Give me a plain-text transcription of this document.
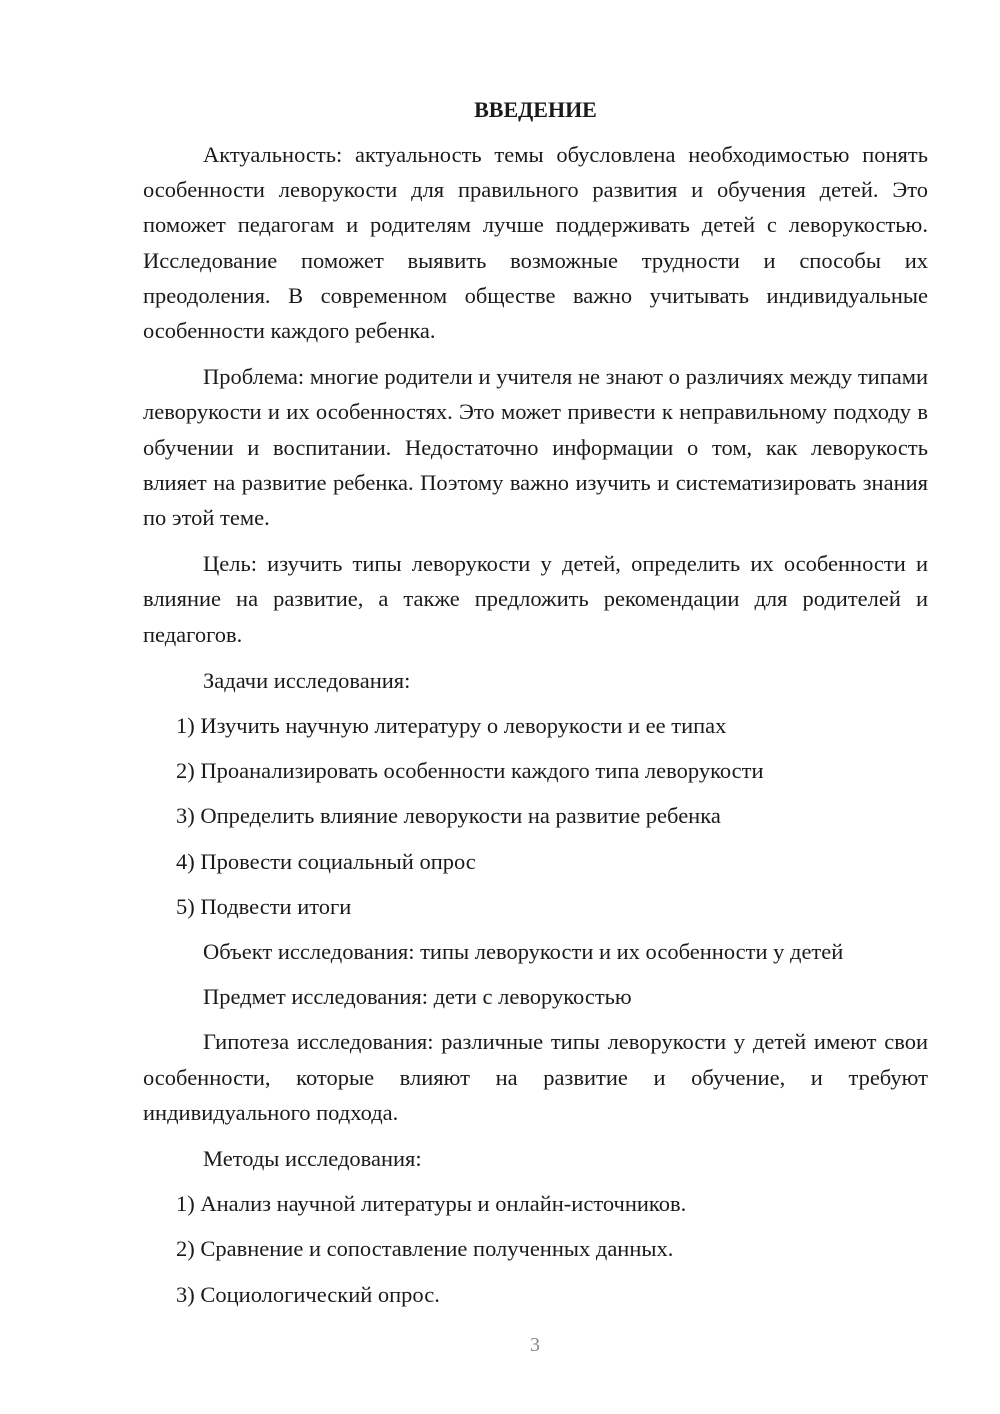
ВВЕДЕНИЕ

Актуальность: актуальность темы обусловлена необходимостью понять особенности леворукости для правильного развития и обучения детей. Это поможет педагогам и родителям лучше поддерживать детей с леворукостью. Исследование поможет выявить возможные трудности и способы их преодоления. В современном обществе важно учитывать индивидуальные особенности каждого ребенка.

Проблема: многие родители и учителя не знают о различиях между типами леворукости и их особенностях. Это может привести к неправильному подходу в обучении и воспитании. Недостаточно информации о том, как леворукость влияет на развитие ребенка. Поэтому важно изучить и систематизировать знания по этой теме.

Цель: изучить типы леворукости у детей, определить их особенности и влияние на развитие, а также предложить рекомендации для родителей и педагогов.

Задачи исследования:
1) Изучить научную литературу о леворукости и ее типах
2) Проанализировать особенности каждого типа леворукости
3) Определить влияние леворукости на развитие ребенка
4) Провести социальный опрос
5) Подвести итоги
Объект исследования: типы леворукости и их особенности у детей
Предмет исследования: дети с леворукостью

Гипотеза исследования: различные типы леворукости у детей имеют свои особенности, которые влияют на развитие и обучение, и требуют индивидуального подхода.

Методы исследования:
1) Анализ научной литературы и онлайн-источников.
2) Сравнение и сопоставление полученных данных.
3) Социологический опрос.
3
